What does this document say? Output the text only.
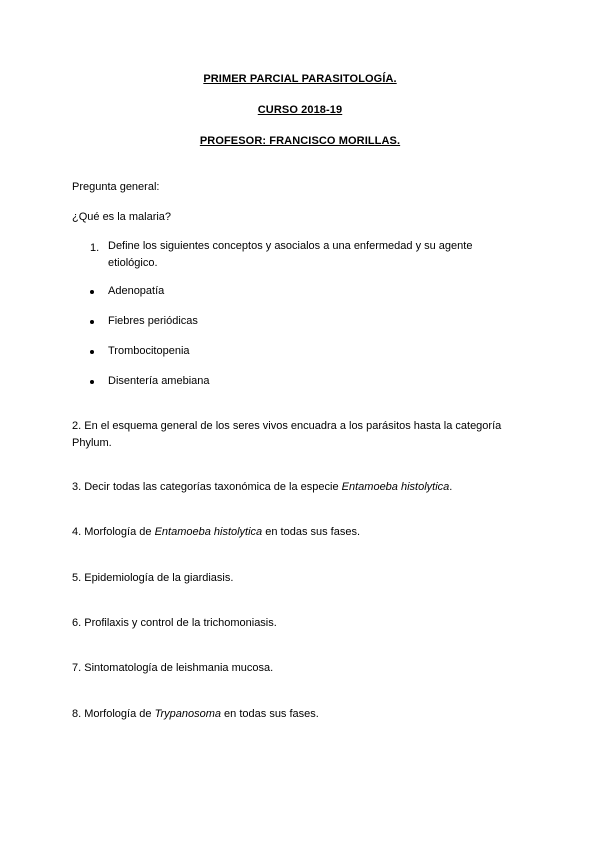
PRIMER PARCIAL PARASITOLOGÍA.
CURSO 2018-19
PROFESOR: FRANCISCO MORILLAS.
Pregunta general:
¿Qué es la malaria?
1. Define los siguientes conceptos y asocialos a una enfermedad y su agente etiológico.
Adenopatía
Fiebres periódicas
Trombocitopenia
Disentería amebiana
2. En el esquema general de los seres vivos encuadra a los parásitos hasta la categoría Phylum.
3. Decir todas las categorías taxonómica de la especie Entamoeba histolytica.
4. Morfología de Entamoeba histolytica en todas sus fases.
5. Epidemiología de la giardiasis.
6. Profilaxis y control de la trichomoniasis.
7. Sintomatología de leishmania mucosa.
8. Morfología de Trypanosoma en todas sus fases.
